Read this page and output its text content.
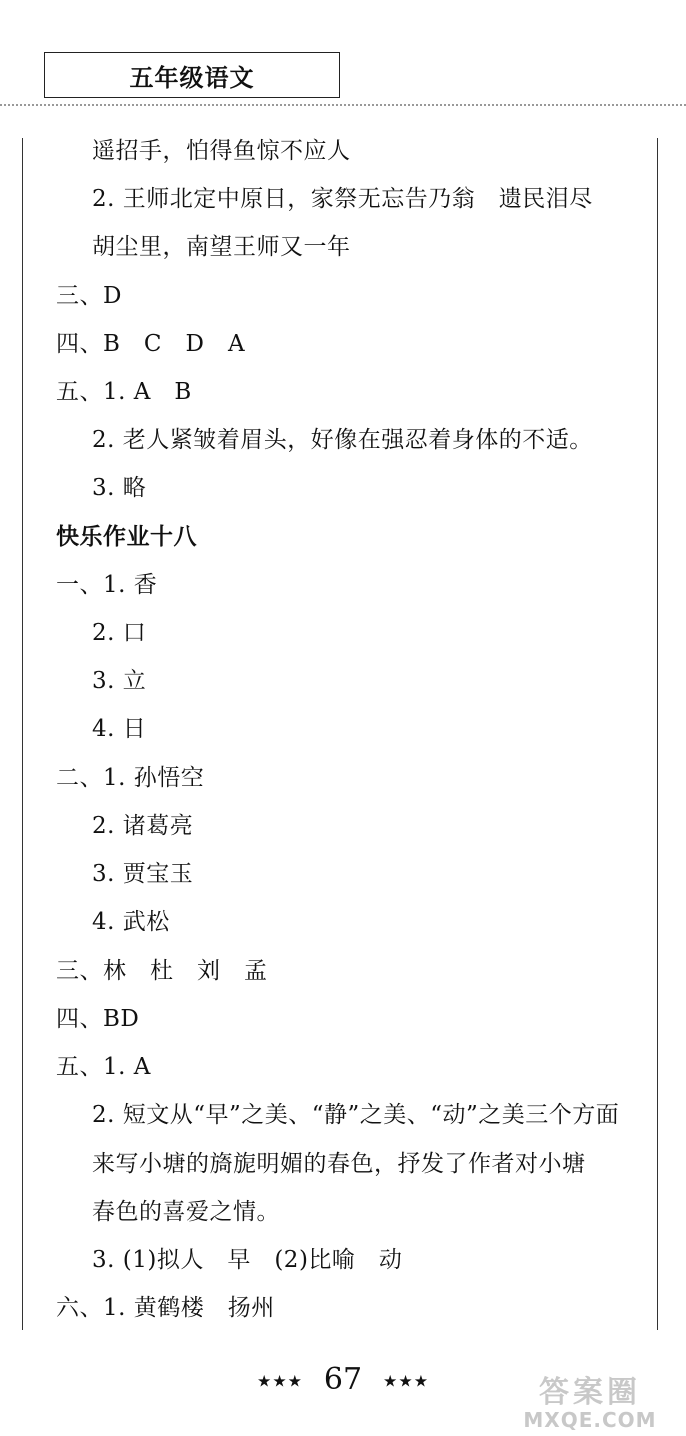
五年级语文
遥招手，怕得鱼惊不应人
2. 王师北定中原日，家祭无忘告乃翁　遗民泪尽
胡尘里，南望王师又一年
三、D
四、B　C　D　A
五、1. A　B
2. 老人紧皱着眉头，好像在强忍着身体的不适。
3. 略
快乐作业十八
一、1. 香
2. 口
3. 立
4. 日
二、1. 孙悟空
2. 诸葛亮
3. 贾宝玉
4. 武松
三、林　杜　刘　孟
四、BD
五、1. A
2. 短文从“早”之美、“静”之美、“动”之美三个方面
来写小塘的旖旎明媚的春色，抒发了作者对小塘
春色的喜爱之情。
3. (1)拟人　早　(2)比喻　动
六、1. 黄鹤楼　扬州
★★★ 67 ★★★	答案圈
MXQE.COM
